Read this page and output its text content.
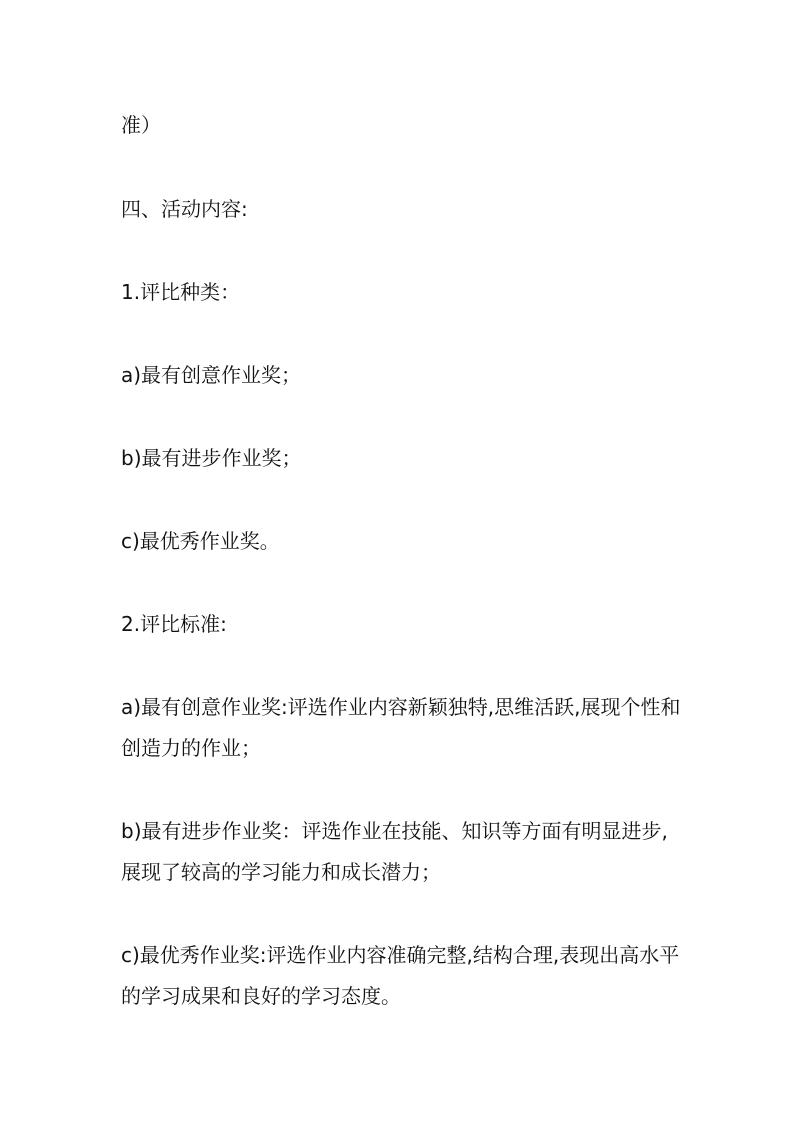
准）
四、活动内容:
1.评比种类：
a)最有创意作业奖；
b)最有进步作业奖；
c)最优秀作业奖。
2.评比标准:
a)最有创意作业奖:评选作业内容新颖独特,思维活跃,展现个性和创造力的作业；
b)最有进步作业奖：评选作业在技能、知识等方面有明显进步,展现了较高的学习能力和成长潜力；
c)最优秀作业奖:评选作业内容准确完整,结构合理,表现出高水平的学习成果和良好的学习态度。
